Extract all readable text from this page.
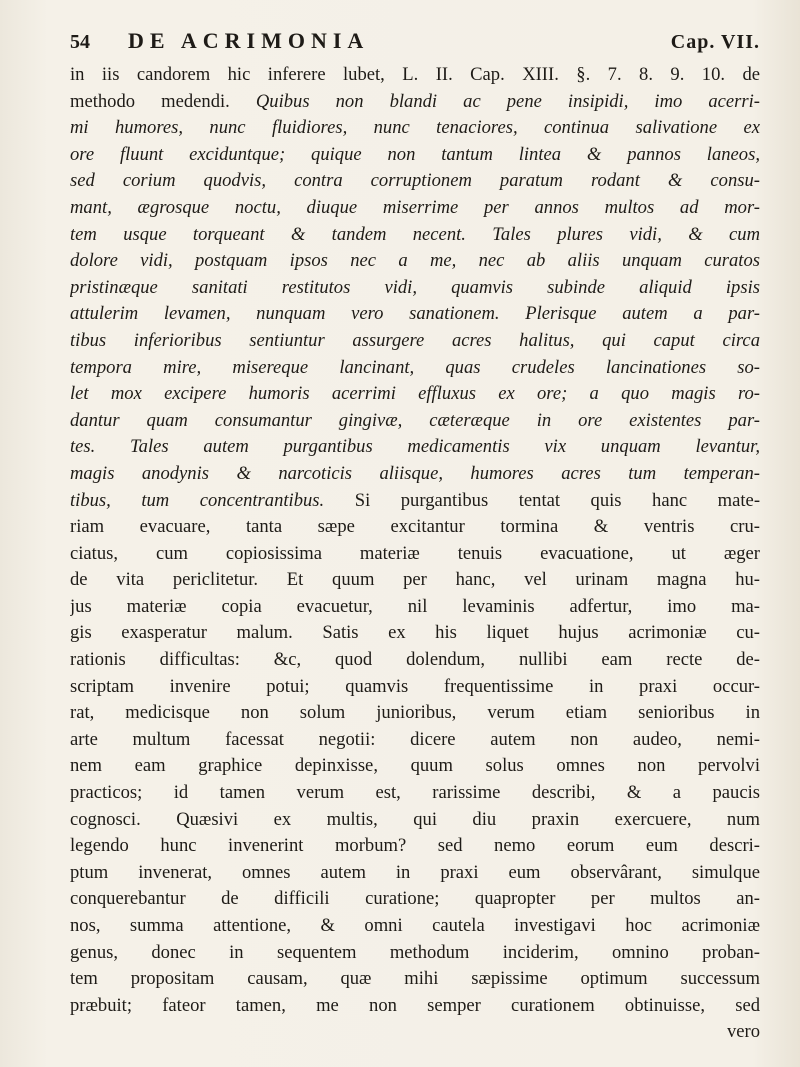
54	DE ACRIMONIA	Cap. VII.
in iis candorem hic inferere lubet, L. II. Cap. XIII. §. 7. 8. 9. 10. de
methodo medendi. Quibus non blandi ac pene insipidi, imo acerri-
mi humores, nunc fluidiores, nunc tenaciores, continua salivatione ex
ore fluunt exciduntque; quique non tantum lintea & pannos laneos,
sed corium quodvis, contra corruptionem paratum rodant & consu-
mant, ægrosque noctu, diuque miserrime per annos multos ad mor-
tem usque torqueant & tandem necent. Tales plures vidi, & cum
dolore vidi, postquam ipsos nec a me, nec ab aliis unquam curatos
pristinæque sanitati restitutos vidi, quamvis subinde aliquid ipsis
attulerim levamen, nunquam vero sanationem. Plerisque autem a par-
tibus inferioribus sentiuntur assurgere acres halitus, qui caput circa
tempora mire, misereque lancinant, quas crudeles lancinationes so-
let mox excipere humoris acerrimi effluxus ex ore; a quo magis ro-
dantur quam consumantur gingivæ, cæteræque in ore existentes par-
tes. Tales autem purgantibus medicamentis vix unquam levantur,
magis anodynis & narcoticis aliisque, humores acres tum temperan-
tibus, tum concentrantibus. Si purgantibus tentat quis hanc mate-
riam evacuare, tanta sæpe excitantur tormina & ventris cru-
ciatus, cum copiosissima materiæ tenuis evacuatione, ut æger
de vita periclitetur. Et quum per hanc, vel urinam magna hu-
jus materiæ copia evacuetur, nil levaminis adfertur, imo ma-
gis exasperatur malum. Satis ex his liquet hujus acrimoniæ cu-
rationis difficultas: &c, quod dolendum, nullibi eam recte de-
scriptam invenire potui; quamvis frequentissime in praxi occur-
rat, medicisque non solum junioribus, verum etiam senioribus in
arte multum facessat negotii: dicere autem non audeo, nemi-
nem eam graphice depinxisse, quum solus omnes non pervolvi
practicos; id tamen verum est, rarissime describi, & a paucis
cognosci. Quæsivi ex multis, qui diu praxin exercuere, num
legendo hunc invenerint morbum? sed nemo eorum eum descri-
ptum invenerat, omnes autem in praxi eum observârant, simulque
conquerebantur de difficili curatione; quapropter per multos an-
nos, summa attentione, & omni cautela investigavi hoc acrimoniæ
genus, donec in sequentem methodum inciderim, omnino proban-
tem propositam causam, quæ mihi sæpissime optimum successum
præbuit; fateor tamen, me non semper curationem obtinuisse, sed
vero
